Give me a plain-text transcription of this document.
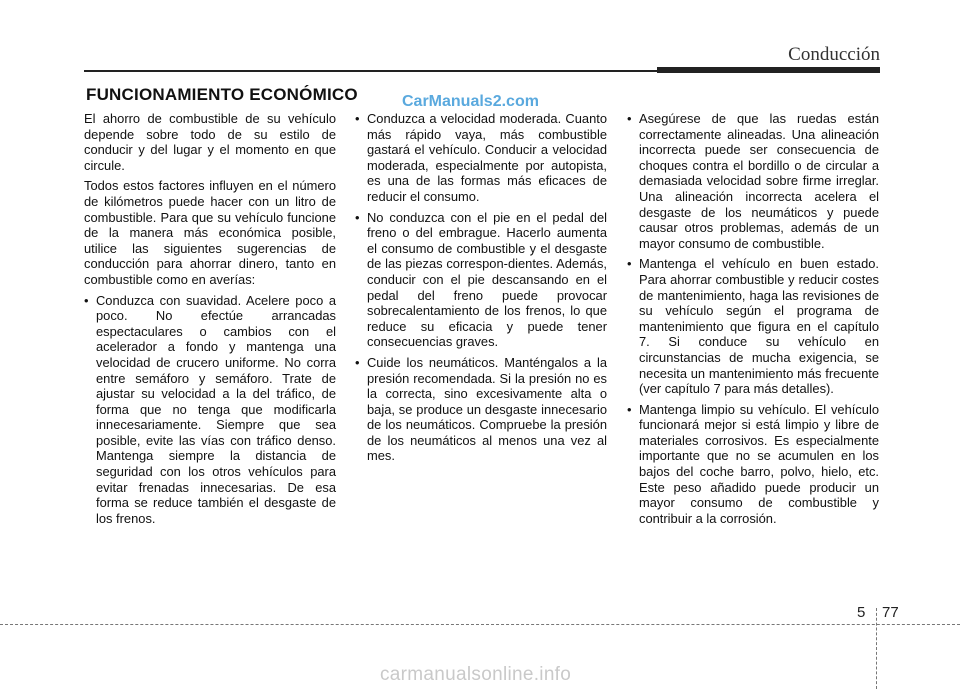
Conducción
FUNCIONAMIENTO ECONÓMICO	CarManuals2.com

El ahorro de combustible de su vehículo depende sobre todo de su estilo de conducir y del lugar y el momento en que circule.

Todos estos factores influyen en el número de kilómetros puede hacer con un litro de combustible. Para que su vehículo funcione de la manera más económica posible, utilice las siguientes sugerencias de conducción para ahorrar dinero, tanto en combustible como en averías:

• Conduzca con suavidad. Acelere poco a poco. No efectúe arrancadas espectaculares o cambios con el acelerador a fondo y mantenga una velocidad de crucero uniforme. No corra entre semáforo y semáforo. Trate de ajustar su velocidad a la del tráfico, de forma que no tenga que modificarla innecesariamente. Siempre que sea posible, evite las vías con tráfico denso. Mantenga siempre la distancia de seguridad con los otros vehículos para evitar frenadas innecesarias. De esa forma se reduce también el desgaste de los frenos.
• Conduzca a velocidad moderada. Cuanto más rápido vaya, más combustible gastará el vehículo. Conducir a velocidad moderada, especialmente por autopista, es una de las formas más eficaces de reducir el consumo.
• No conduzca con el pie en el pedal del freno o del embrague. Hacerlo aumenta el consumo de combustible y el desgaste de las piezas correspon-dientes. Además, conducir con el pie descansando en el pedal del freno puede provocar sobrecalentamiento de los frenos, lo que reduce su eficacia y puede tener consecuencias graves.
• Cuide los neumáticos. Manténgalos a la presión recomendada. Si la presión no es la correcta, sino excesivamente alta o baja, se produce un desgaste innecesario de los neumáticos. Compruebe la presión de los neumáticos al menos una vez al mes.
• Asegúrese de que las ruedas están correctamente alineadas. Una alineación incorrecta puede ser consecuencia de choques contra el bordillo o de circular a demasiada velocidad sobre firme irreglar. Una alineación incorrecta acelera el desgaste de los neumáticos y puede causar otros problemas, además de un mayor consumo de combustible.
• Mantenga el vehículo en buen estado. Para ahorrar combustible y reducir costes de mantenimiento, haga las revisiones de su vehículo según el programa de mantenimiento que figura en el capítulo 7. Si conduce su vehículo en circunstancias de mucha exigencia, se necesita un mantenimiento más frecuente (ver capítulo 7 para más detalles).
• Mantenga limpio su vehículo. El vehículo funcionará mejor si está limpio y libre de materiales corrosivos. Es especialmente importante que no se acumulen en los bajos del coche barro, polvo, hielo, etc. Este peso añadido puede producir un mayor consumo de combustible y contribuir a la corrosión.
5 77
carmanualsonline.info
